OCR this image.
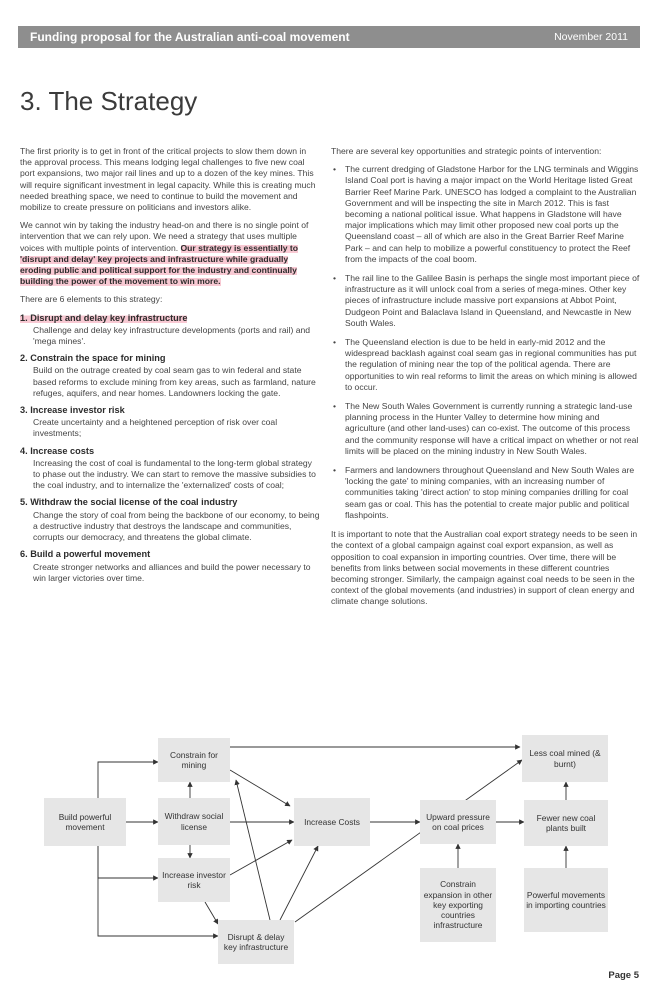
Funding proposal for the Australian anti-coal movement	November 2011
3. The Strategy

The first priority is to get in front of the critical projects to slow them down in the approval process. This means lodging legal challenges to five new coal port expansions, two major rail lines and up to a dozen of the key mines. This will require significant investment in legal capacity. While this is creating much needed breathing space, we need to continue to build the movement and mobilize to create pressure on politicians and investors alike.

We cannot win by taking the industry head-on and there is no single point of intervention that we can rely upon. We need a strategy that uses multiple voices with multiple points of intervention. Our strategy is essentially to 'disrupt and delay' key projects and infrastructure while gradually eroding public and political support for the industry and continually building the power of the movement to win more.

There are 6 elements to this strategy:

1. Disrupt and delay key infrastructure
Challenge and delay key infrastructure developments (ports and rail) and 'mega mines'.
2. Constrain the space for mining
Build on the outrage created by coal seam gas to win federal and state based reforms to exclude mining from key areas, such as farmland, nature refuges, aquifers, and near homes. Landowners locking the gate.
3. Increase investor risk
Create uncertainty and a heightened perception of risk over coal investments;
4. Increase costs
Increasing the cost of coal is fundamental to the long-term global strategy to phase out the industry. We can start to remove the massive subsidies to the coal industry, and to internalize the 'externalized' costs of coal;
5. Withdraw the social license of the coal industry
Change the story of coal from being the backbone of our economy, to being a destructive industry that destroys the landscape and communities, corrupts our democracy, and threatens the global climate.
6. Build a powerful movement
Create stronger networks and alliances and build the power necessary to win larger victories over time.

There are several key opportunities and strategic points of intervention:

• The current dredging of Gladstone Harbor for the LNG terminals and Wiggins Island Coal port is having a major impact on the World Heritage listed Great Barrier Reef Marine Park. UNESCO has lodged a complaint to the Australian Government and will be inspecting the site in March 2012. This is fast becoming a national political issue. What happens in Gladstone will have major implications which may limit other proposed new coal ports up the Queensland coast – all of which are also in the Great Barrier Reef Marine Park – and can help to mobilize a powerful constituency to protect the Reef from the impacts of the coal boom.
• The rail line to the Galilee Basin is perhaps the single most important piece of infrastructure as it will unlock coal from a series of mega-mines. Other key pieces of infrastructure include massive port expansions at Abbot Point, Dudgeon Point and Balaclava Island in Queensland, and Newcastle in New South Wales.
• The Queensland election is due to be held in early-mid 2012 and the widespread backlash against coal seam gas in regional communities has put the regulation of mining near the top of the political agenda. There are opportunities to win real reforms to limit the areas on which mining is allowed to occur.
• The New South Wales Government is currently running a strategic land-use planning process in the Hunter Valley to determine how mining and agriculture (and other land-uses) can co-exist. The outcome of this process and the community response will have a critical impact on whether or not real limits will be placed on the mining industry in New South Wales.
• Farmers and landowners throughout Queensland and New South Wales are 'locking the gate' to mining companies, with an increasing number of communities taking 'direct action' to stop mining companies drilling for coal seam gas or coal. This has the potential to create major public and political flashpoints.

It is important to note that the Australian coal export strategy needs to be seen in the context of a global campaign against coal export expansion, as well as opposition to coal expansion in importing countries. Over time, there will be benefits from links between social movements in these different countries becoming stronger. Similarly, the campaign against coal needs to be seen in the context of the global movements (and industries) in support of clean energy and climate change solutions.

Build powerful movement
Constrain for mining
Withdraw social license
Increase investor risk
Disrupt & delay key infrastructure
Increase Costs
Upward pressure on coal prices
Constrain expansion in other key exporting countries infrastructure
Less coal mined (& burnt)
Fewer new coal plants built
Powerful movements in importing countries
Page 5
